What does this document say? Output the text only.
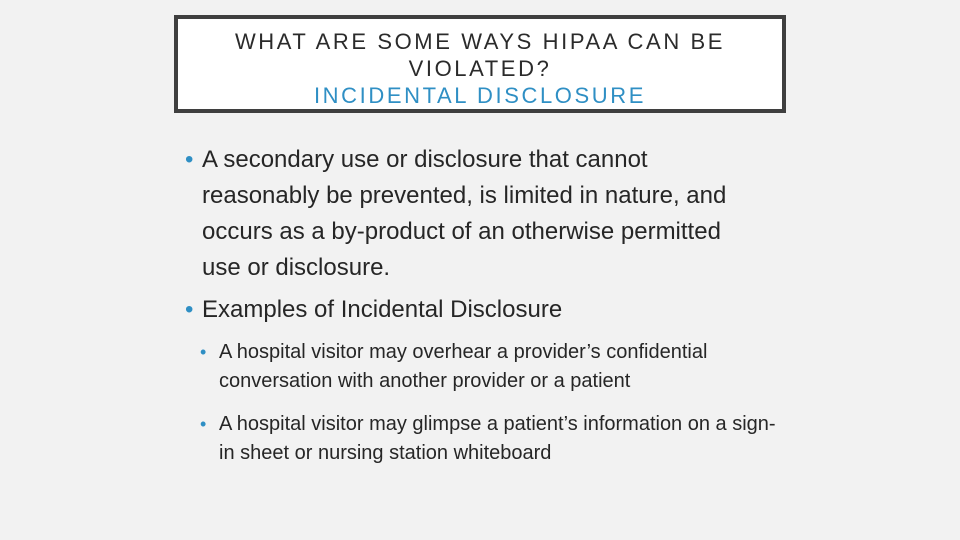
WHAT ARE SOME WAYS HIPAA CAN BE

VIOLATED?

INCIDENTAL DISCLOSURE

• A secondary use or disclosure that cannot reasonably be prevented, is limited in nature, and occurs as a by-product of an otherwise permitted use or disclosure.
• Examples of Incidental Disclosure
• A hospital visitor may overhear a provider’s confidential conversation with another provider or a patient
• A hospital visitor may glimpse a patient’s information on a sign-in sheet or nursing station whiteboard
